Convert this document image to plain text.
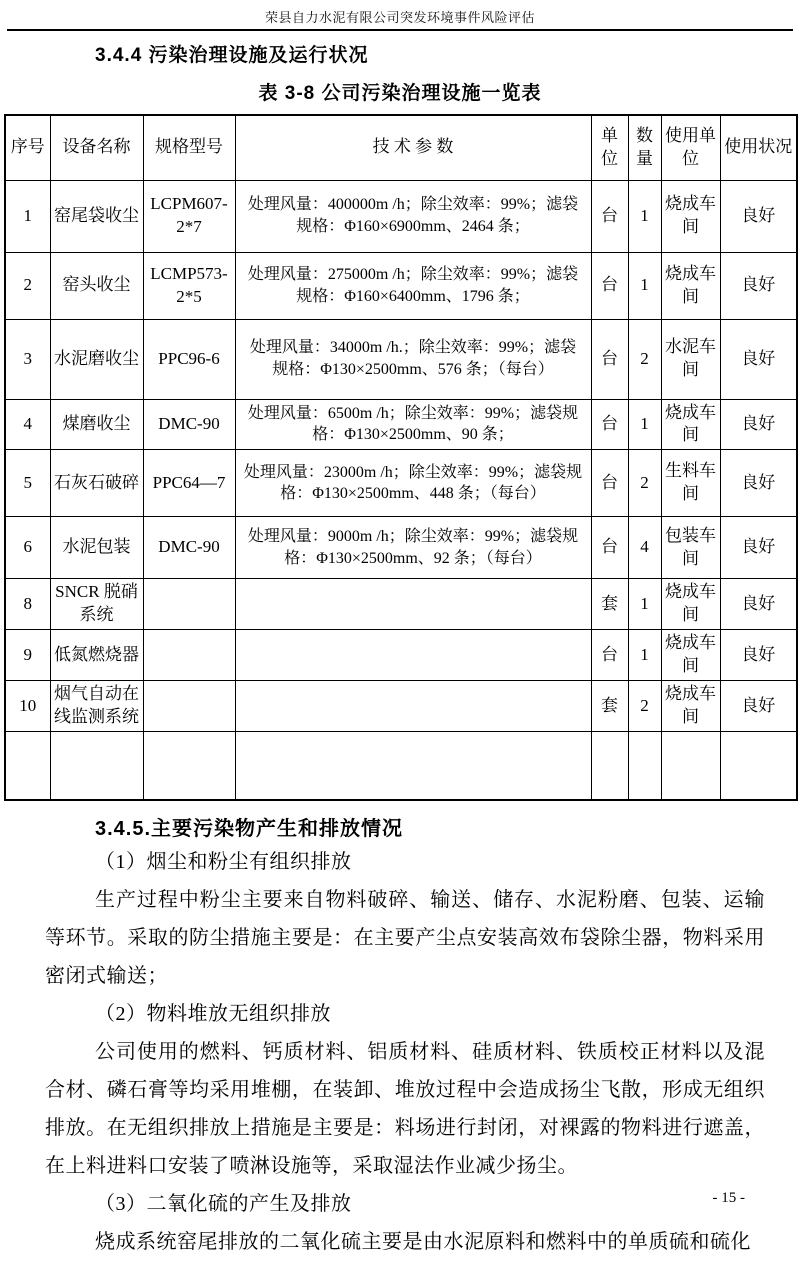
荣县自力水泥有限公司突发环境事件风险评估
3.4.4 污染治理设施及运行状况
表 3-8 公司污染治理设施一览表
序号	设备名称	规格型号	技 术 参 数	单位	数量	使用单位	使用状况
1	窑尾袋收尘	LCPM607-2*7	处理风量：400000m /h；除尘效率：99%；滤袋规格：Φ160×6900mm、2464 条；	台	1	烧成车间	良好
2	窑头收尘	LCMP573-2*5	处理风量：275000m /h；除尘效率：99%；滤袋规格：Φ160×6400mm、1796 条；	台	1	烧成车间	良好
3	水泥磨收尘	PPC96-6	处理风量：34000m /h.；除尘效率：99%；滤袋规格：Φ130×2500mm、576 条；（每台）	台	2	水泥车间	良好
4	煤磨收尘	DMC-90	处理风量：6500m /h；除尘效率：99%；滤袋规格：Φ130×2500mm、90 条；	台	1	烧成车间	良好
5	石灰石破碎	PPC64—7	处理风量：23000m /h；除尘效率：99%；滤袋规格：Φ130×2500mm、448 条；（每台）	台	2	生料车间	良好
6	水泥包装	DMC-90	处理风量：9000m /h；除尘效率：99%；滤袋规格：Φ130×2500mm、92 条；（每台）	台	4	包装车间	良好
8	SNCR 脱硝系统			套	1	烧成车间	良好
9	低氮燃烧器			台	1	烧成车间	良好
10	烟气自动在线监测系统			套	2	烧成车间	良好

3.4.5.主要污染物产生和排放情况

（1）烟尘和粉尘有组织排放

生产过程中粉尘主要来自物料破碎、输送、储存、水泥粉磨、包装、运输等环节。采取的防尘措施主要是：在主要产尘点安装高效布袋除尘器，物料采用密闭式输送；

（2）物料堆放无组织排放

公司使用的燃料、钙质材料、铝质材料、硅质材料、铁质校正材料以及混合材、磷石膏等均采用堆棚，在装卸、堆放过程中会造成扬尘飞散，形成无组织排放。在无组织排放上措施是主要是：料场进行封闭，对裸露的物料进行遮盖，在上料进料口安装了喷淋设施等，采取湿法作业减少扬尘。

（3）二氧化硫的产生及排放

烧成系统窑尾排放的二氧化硫主要是由水泥原料和燃料中的单质硫和硫化

- 15 -
